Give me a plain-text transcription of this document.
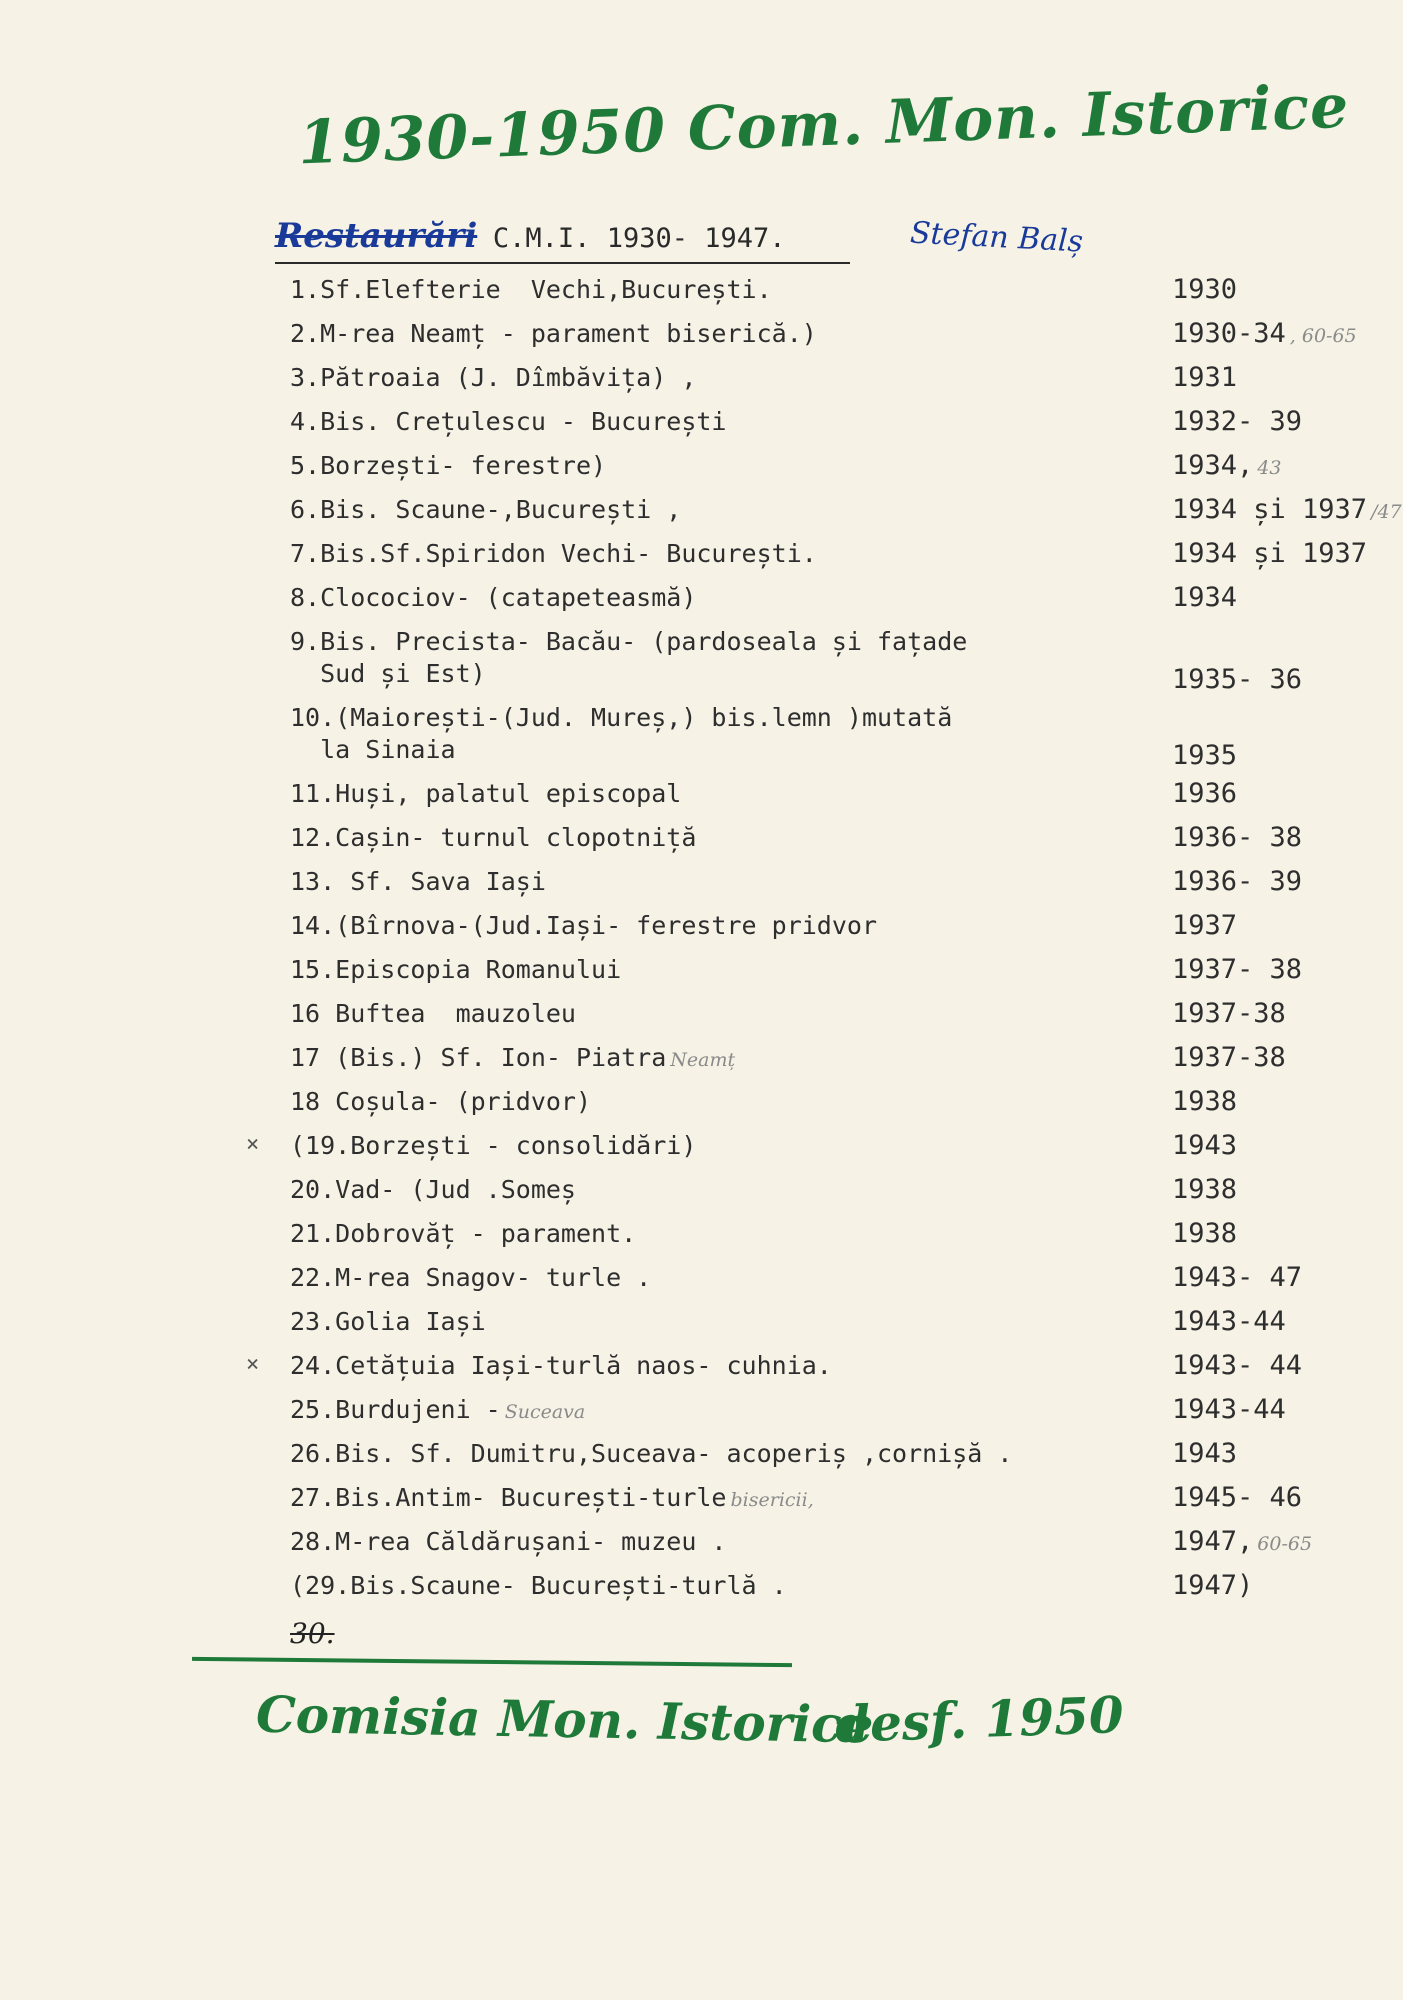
1930-1950 Com. Mon. Istorice
Restaurări C.M.I. 1930- 1947.	Stefan Balș
1.Sf.Elefterie  Vechi,București.	1930
2.M-rea Neamț - parament biserică.)	1930-34 , 60-65
3.Pătroaia (J. Dîmbăvița) ,	1931
4.Bis. Crețulescu - București	1932- 39
5.Borzești- ferestre)	1934, 43
6.Bis. Scaune-,București ,	1934 și 1937 /47
7.Bis.Sf.Spiridon Vechi- București.	1934 și 1937
8.Clocociov- (catapeteasmă)	1934
9.Bis. Precista- Bacău- (pardoseala și fațade
Sud și Est)	1935- 36
10.(Maiorești-(Jud. Mureș,) bis.lemn )mutată
la Sinaia	1935
11.Huși, palatul episcopal	1936
12.Cașin- turnul clopotniță	1936- 38
13. Sf. Sava Iași	1936- 39
14.(Bîrnova-(Jud.Iași- ferestre pridvor	1937
15.Episcopia Romanului	1937- 38
16 Buftea  mauzoleu	1937-38
17 (Bis.) Sf. Ion- Piatra Neamț	1937-38
18 Coșula- (pridvor)	1938
× (19.Borzești - consolidări)	1943
20.Vad- (Jud .Someș	1938
21.Dobrovăț - parament.	1938
22.M-rea Snagov- turle .	1943- 47
23.Golia Iași	1943-44
× 24.Cetățuia Iași-turlă naos- cuhnia.	1943- 44
25.Burdujeni - Suceava	1943-44
26.Bis. Sf. Dumitru,Suceava- acoperiș ,cornișă .	1943
27.Bis.Antim- București-turle bisericii,	1945- 46
28.M-rea Căldărușani- muzeu .	1947, 60-65
(29.Bis.Scaune- București-turlă .	1947)
30.
Comisia Mon. Istorice
desf. 1950
